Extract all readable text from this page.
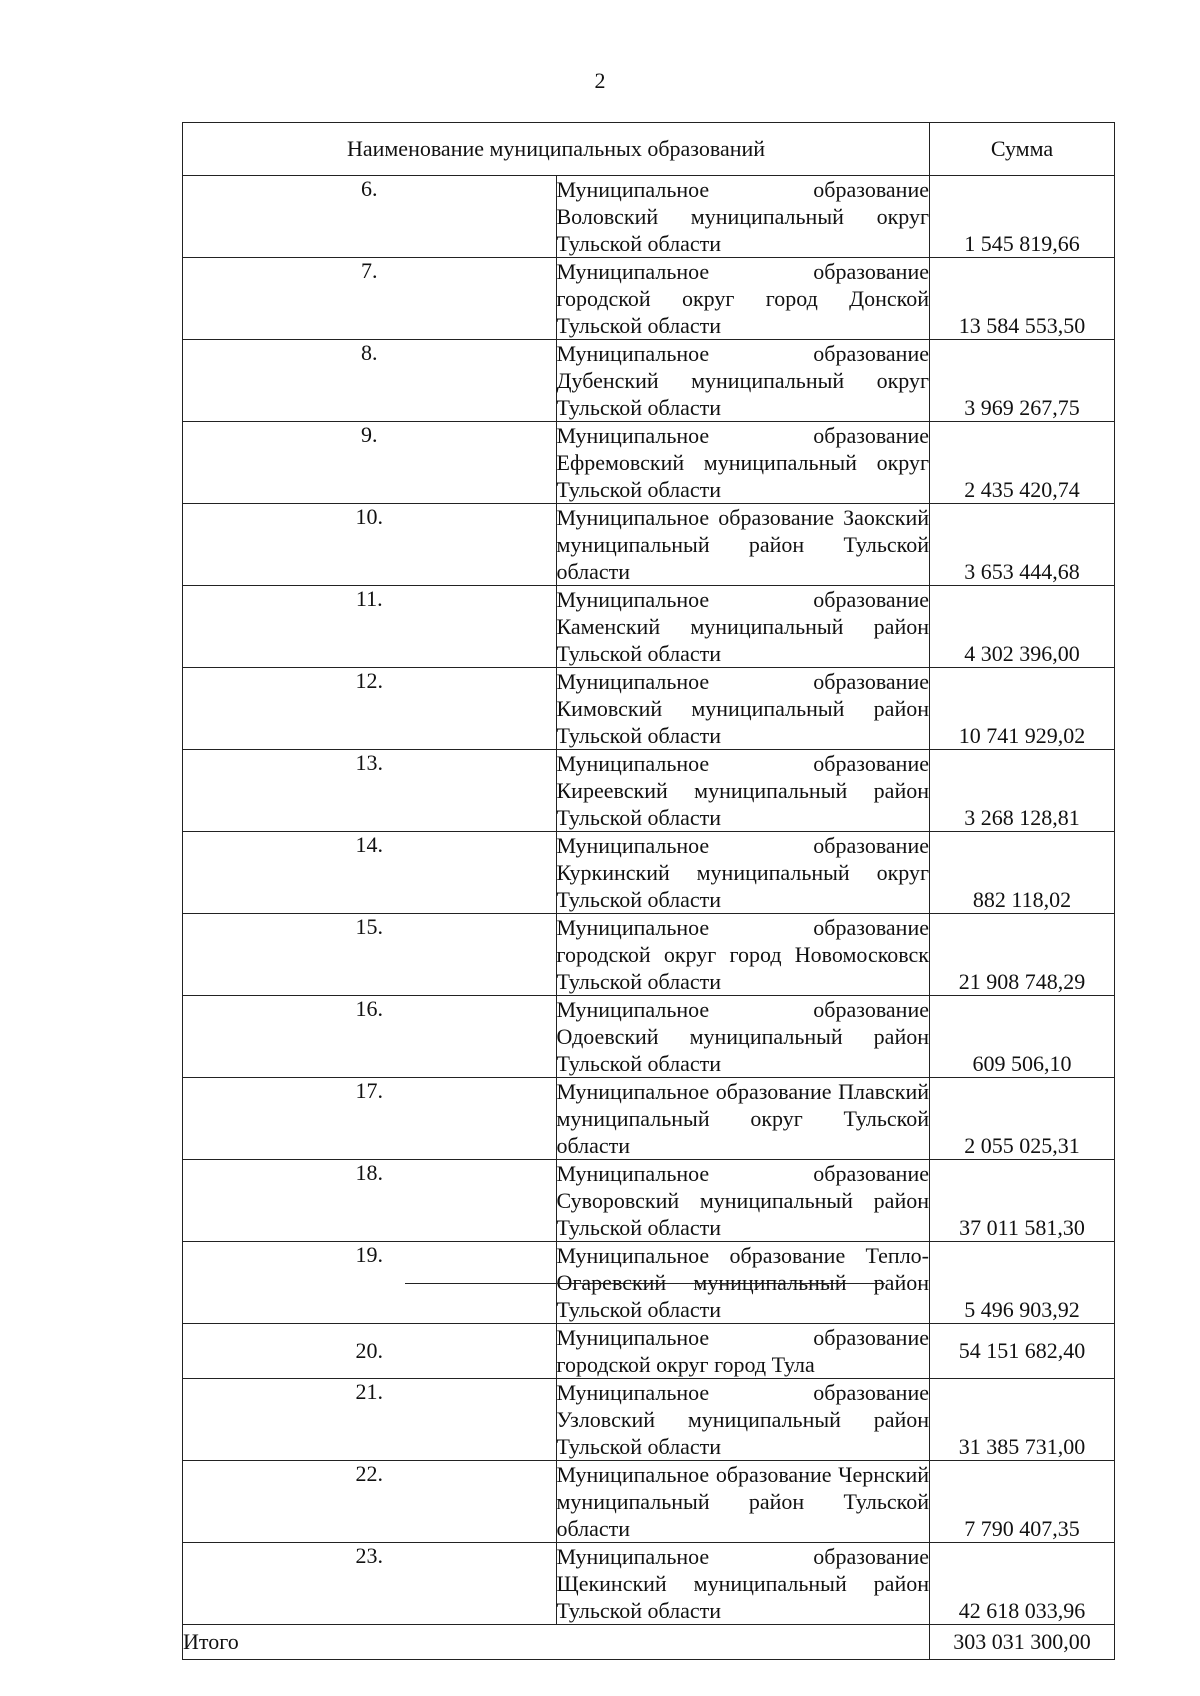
2
Наименование муниципальных образований		Сумма
6.	Муниципальное образование Воловский муниципальный округ Тульской области	1 545 819,66
7.	Муниципальное образование городской округ город Донской Тульской области	13 584 553,50
8.	Муниципальное образование Дубенский муниципальный округ Тульской области	3 969 267,75
9.	Муниципальное образование Ефремовский муниципальный округ Тульской области	2 435 420,74
10.	Муниципальное образование Заокский муниципальный район Тульской области	3 653 444,68
11.	Муниципальное образование Каменский муниципальный район Тульской области	4 302 396,00
12.	Муниципальное образование Кимовский муниципальный район Тульской области	10 741 929,02
13.	Муниципальное образование Киреевский муниципальный район Тульской области	3 268 128,81
14.	Муниципальное образование Куркинский муниципальный округ Тульской области	882 118,02
15.	Муниципальное образование городской округ город Новомосковск Тульской области	21 908 748,29
16.	Муниципальное образование Одоевский муниципальный район Тульской области	609 506,10
17.	Муниципальное образование Плавский муниципальный округ Тульской области	2 055 025,31
18.	Муниципальное образование Суворовский муниципальный район Тульской области	37 011 581,30
19.	Муниципальное образование Тепло-Огаревский муниципальный район Тульской области	5 496 903,92
20.	Муниципальное образование городской округ город Тула	54 151 682,40
21.	Муниципальное образование Узловский муниципальный район Тульской области	31 385 731,00
22.	Муниципальное образование Чернский муниципальный район Тульской области	7 790 407,35
23.	Муниципальное образование Щекинский муниципальный район Тульской области	42 618 033,96
Итого		303 031 300,00
